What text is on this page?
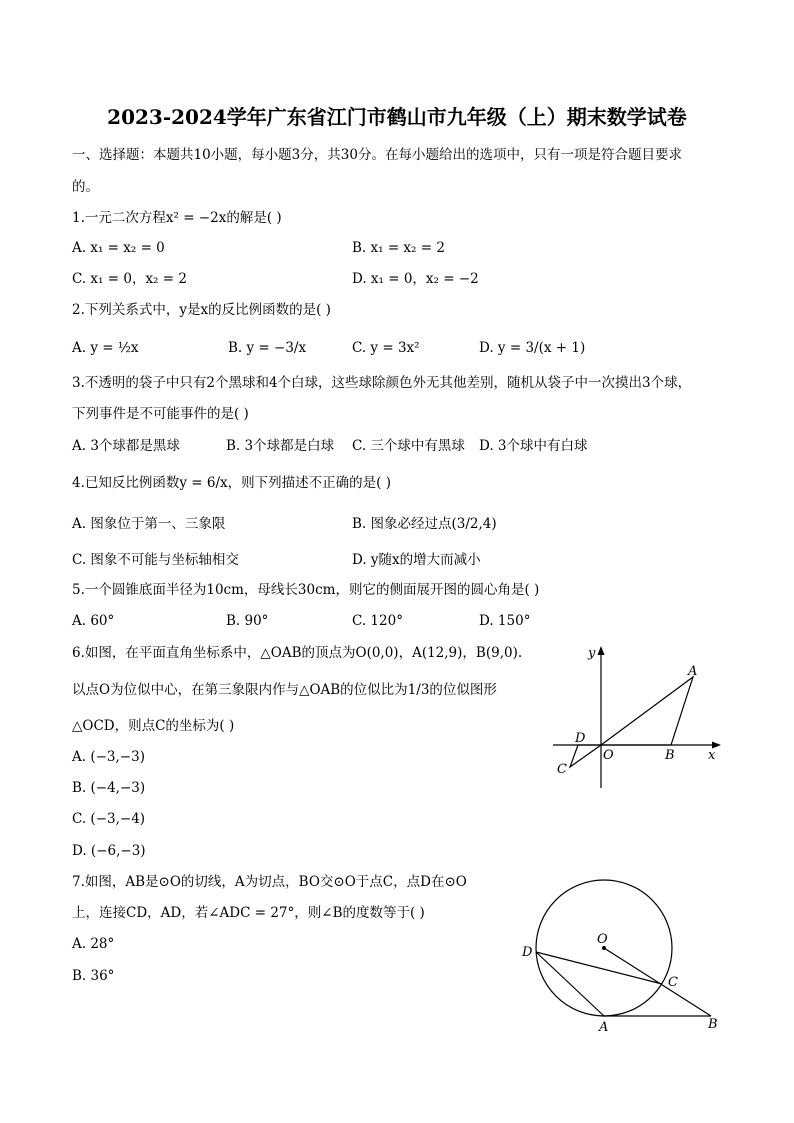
2023-2024学年广东省江门市鹤山市九年级（上）期末数学试卷
一、选择题：本题共10小题，每小题3分，共30分。在每小题给出的选项中，只有一项是符合题目要求
的。
1.一元二次方程x² = −2x的解是( )
A. x₁ = x₂ = 0	B. x₁ = x₂ = 2
C. x₁ = 0，x₂ = 2	D. x₁ = 0，x₂ = −2
2.下列关系式中，y是x的反比例函数的是( )
A. y = ½x	B. y = −3/x	C. y = 3x²	D. y = 3/(x + 1)
3.不透明的袋子中只有2个黑球和4个白球，这些球除颜色外无其他差别，随机从袋子中一次摸出3个球，
下列事件是不可能事件的是( )
A. 3个球都是黑球	B. 3个球都是白球 C. 三个球中有黑球 D. 3个球中有白球
4.已知反比例函数y = 6/x，则下列描述不正确的是( )
A. 图象位于第一、三象限	B. 图象必经过点(3/2,4)
C. 图象不可能与坐标轴相交	D. y随x的增大而减小
5.一个圆锥底面半径为10cm，母线长30cm，则它的侧面展开图的圆心角是( )
A. 60°	B. 90°	C. 120°	D. 150°
6.如图，在平面直角坐标系中，△OAB的顶点为O(0,0)，A(12,9)，B(9,0).
以点O为位似中心，在第三象限内作与△OAB的位似比为1/3的位似图形
△OCD，则点C的坐标为( )
A. (−3,−3)
B. (−4,−3)
C. (−3,−4)
D. (−6,−3)
y
A
D
O	B	x
C
7.如图，AB是⊙O的切线，A为切点，BO交⊙O于点C，点D在⊙O
上，连接CD，AD，若∠ADC = 27°，则∠B的度数等于( )
A. 28°
B. 36°
O
D
C
A	B
